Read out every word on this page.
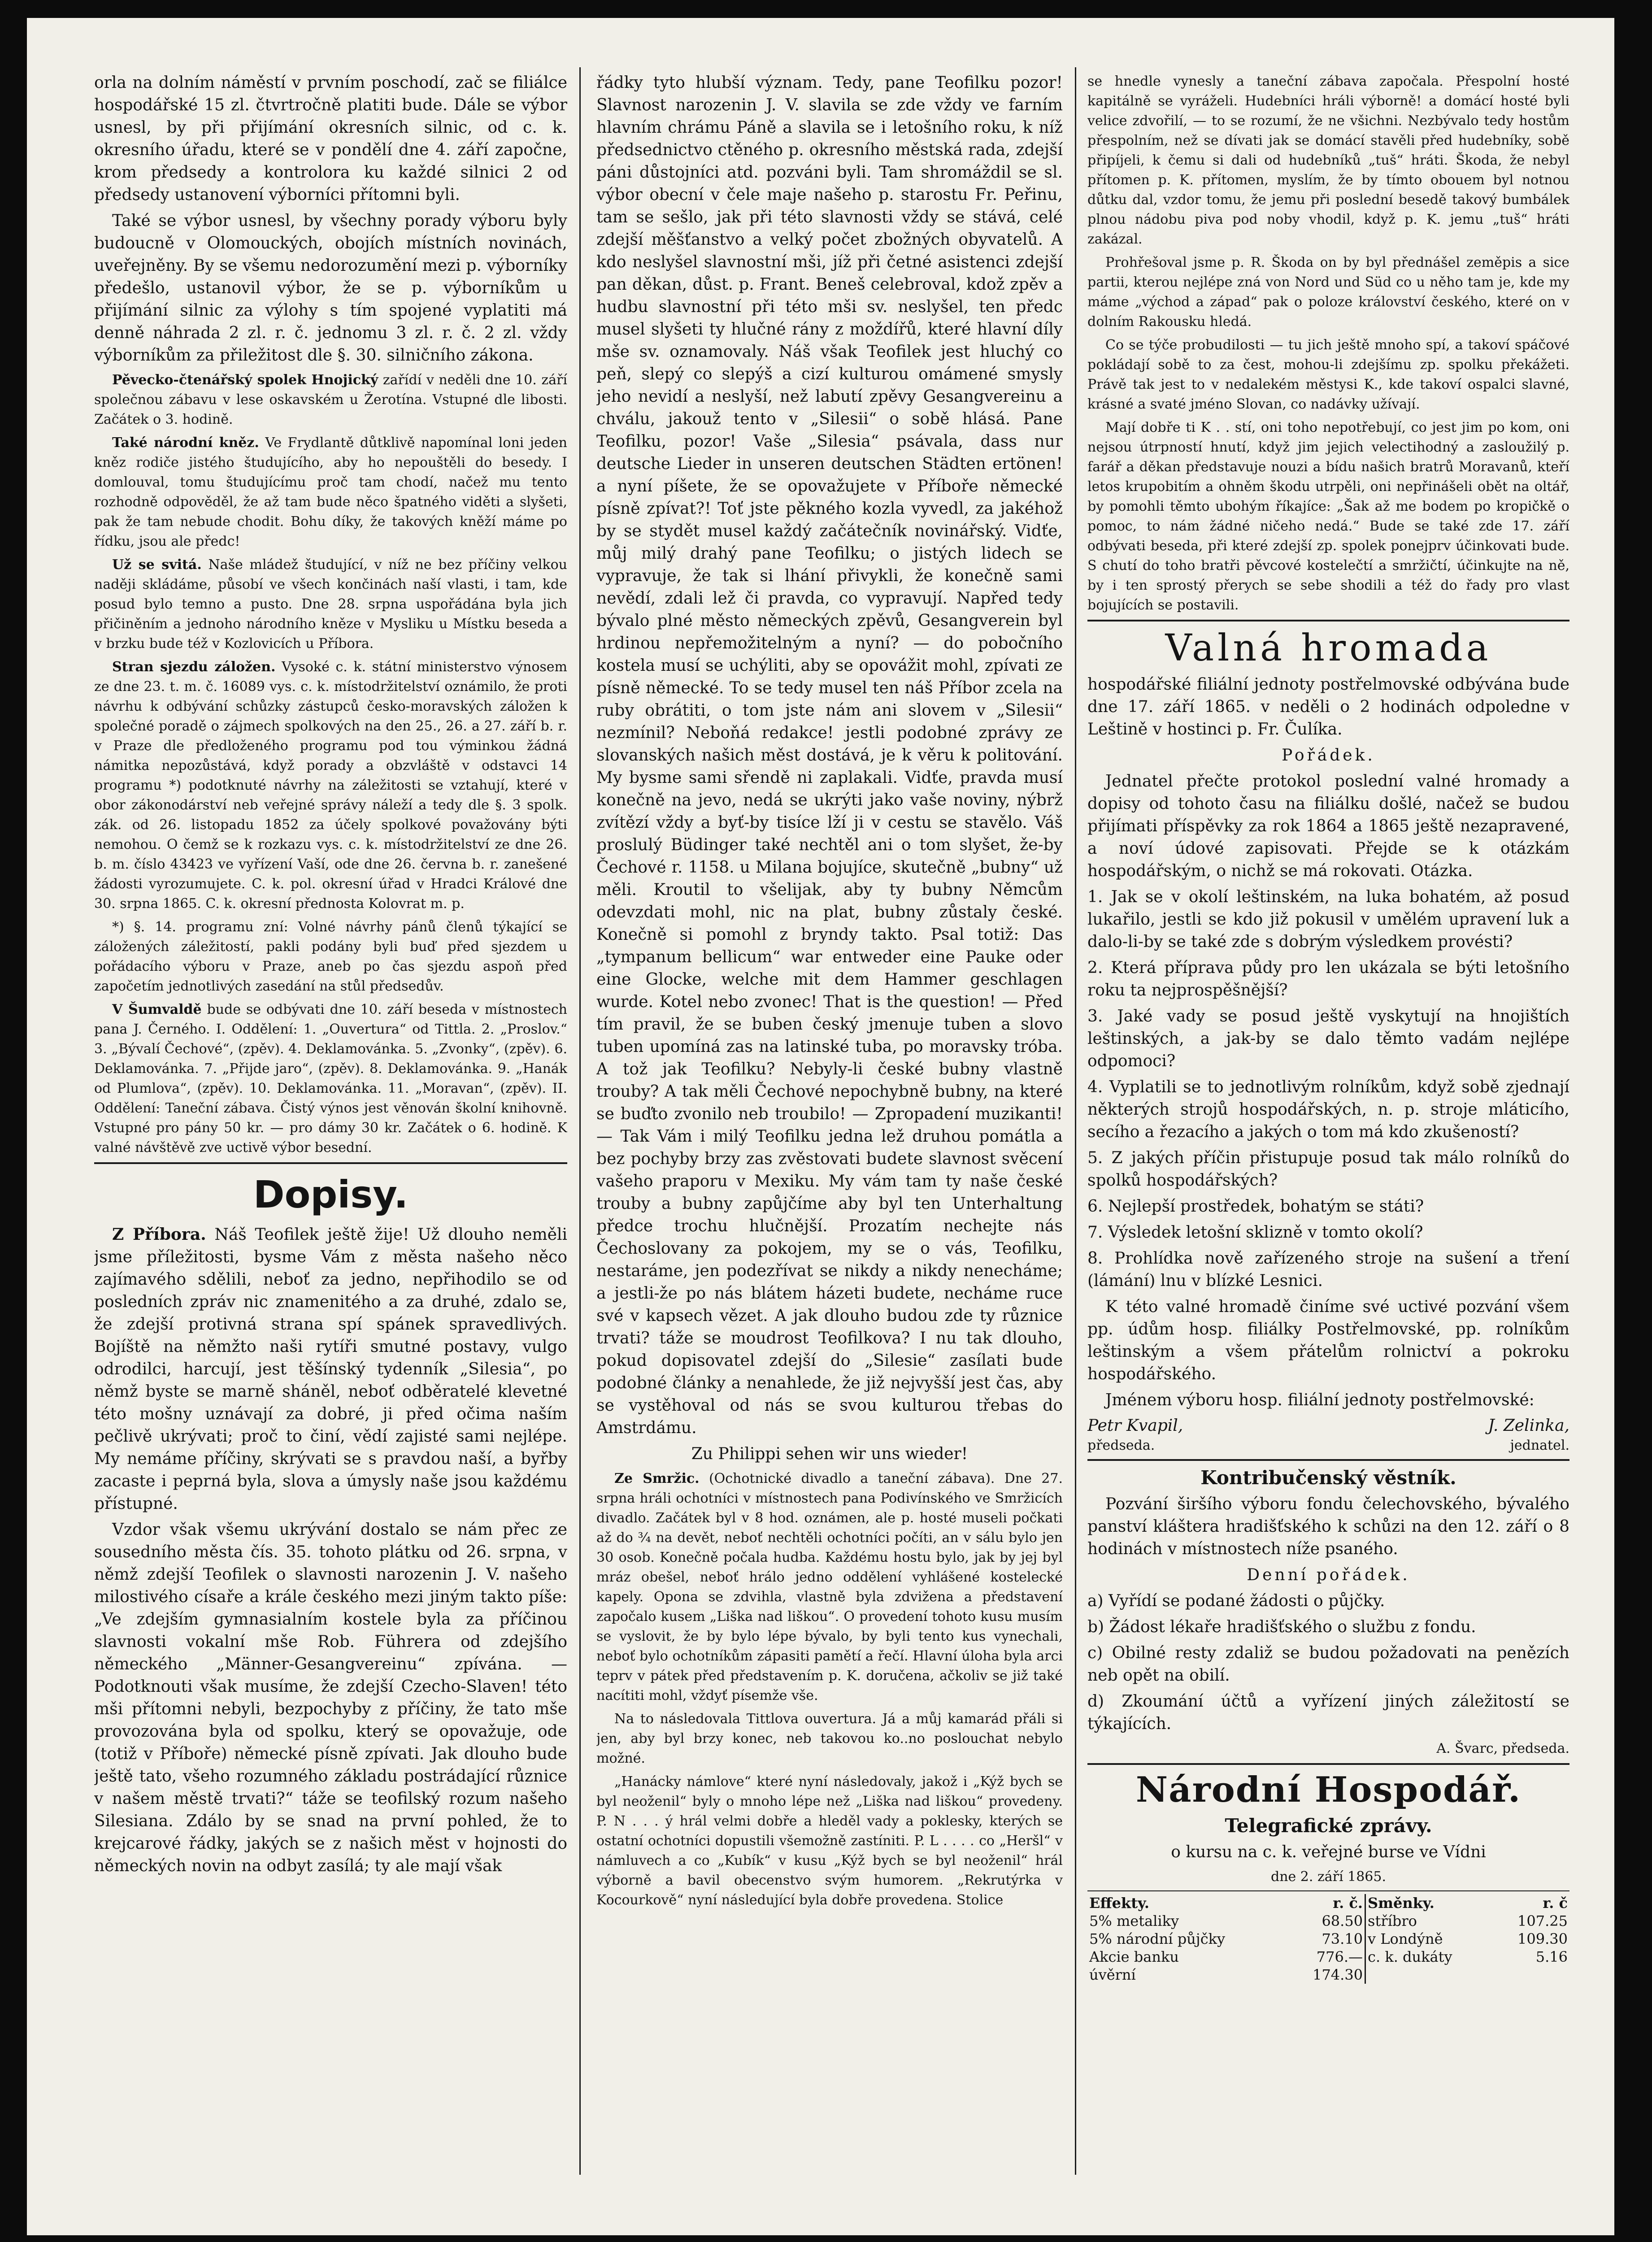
orla na dolním náměstí v prvním poschodí, zač se filiálce hospodářské 15 zl. čtvrtročně platiti bude. Dále se výbor usnesl, by při přijímání okresních silnic, od c. k. okresního úřadu, které se v pondělí dne 4. září započne, krom předsedy a kontrolora ku každé silnici 2 od předsedy ustanovení výborníci přítomni byli.

Také se výbor usnesl, by všechny porady výboru byly budoucně v Olomouckých, obojích místních novinách, uveřejněny. By se všemu nedorozumění mezi p. výborníky předešlo, ustanovil výbor, že se p. výborníkům u přijímání silnic za výlohy s tím spojené vyplatiti má denně náhrada 2 zl. r. č. jednomu 3 zl. r. č. 2 zl. vždy výborníkům za přiležitost dle §. 30. silničního zákona.

Pěvecko-čtenářský spolek Hnojický zařídí v neděli dne 10. září společnou zábavu v lese oskavském u Žerotína. Vstupné dle libosti. Začátek o 3. hodině.

Také národní kněz. Ve Frydlantě důtklivě napomínal loni jeden kněz rodiče jistého študujícího, aby ho nepouštěli do besedy. I domlouval, tomu študujícímu proč tam chodí, načež mu tento rozhodně odpověděl, že až tam bude něco špatného viděti a slyšeti, pak že tam nebude chodit. Bohu díky, že takových kněží máme po řídku, jsou ale předc!

Už se svitá. Naše mládež študující, v níž ne bez příčiny velkou naději skládáme, působí ve všech končinách naší vlasti, i tam, kde posud bylo temno a pusto. Dne 28. srpna uspořádána byla jich přičiněním a jednoho národního kněze v Mysliku u Místku beseda a v brzku bude též v Kozlovicích u Příbora.

Stran sjezdu záložen. Vysoké c. k. státní ministerstvo výnosem ze dne 23. t. m. č. 16089 vys. c. k. místodržitelství oznámilo, že proti návrhu k odbývání schůzky zástupců česko-moravských záložen k společné poradě o zájmech spolkových na den 25., 26. a 27. září b. r. v Praze dle předloženého programu pod tou výminkou žádná námitka nepozůstává, když porady a obzvláště v odstavci 14 programu *) podotknuté návrhy na záležitosti se vztahují, které v obor zákonodárství neb veřejné správy náleží a tedy dle §. 3 spolk. zák. od 26. listopadu 1852 za účely spolkové považovány býti nemohou. O čemž se k rozkazu vys. c. k. místodržitelství ze dne 26. b. m. číslo 43423 ve vyřízení Vaší, ode dne 26. června b. r. zanešené žádosti vyrozumujete. C. k. pol. okresní úřad v Hradci Králové dne 30. srpna 1865. C. k. okresní přednosta Kolovrat m. p.

*) §. 14. programu zní: Volné návrhy pánů členů týkající se záložených záležitostí, pakli podány byli buď před sjezdem u pořádacího výboru v Praze, aneb po čas sjezdu aspoň před započetím jednotlivých zasedání na stůl předsedův.

V Šumvaldě bude se odbývati dne 10. září beseda v místnostech pana J. Černého. I. Oddělení: 1. „Ouvertura“ od Tittla. 2. „Proslov.“ 3. „Bývalí Čechové“, (zpěv). 4. Deklamovánka. 5. „Zvonky“, (zpěv). 6. Deklamovánka. 7. „Přijde jaro“, (zpěv). 8. Deklamovánka. 9. „Hanák od Plumlova“, (zpěv). 10. Deklamovánka. 11. „Moravan“, (zpěv). II. Oddělení: Taneční zábava. Čistý výnos jest věnován školní knihovně. Vstupné pro pány 50 kr. — pro dámy 30 kr. Začátek o 6. hodině. K valné návštěvě zve uctivě výbor besední.

Dopisy.

Z Příbora. Náš Teofilek ještě žije! Už dlouho neměli jsme příležitosti, bysme Vám z města našeho něco zajímavého sdělili, neboť za jedno, nepřihodilo se od posledních zpráv nic znamenitého a za druhé, zdalo se, že zdejší protivná strana spí spánek spravedlivých. Bojíště na němžto naši rytíři smutné postavy, vulgo odrodilci, harcují, jest těšínský tydenník „Silesia“, po němž byste se marně sháněl, neboť odběratelé klevetné této mošny uznávají za dobré, ji před očima naším pečlivě ukrývati; proč to činí, vědí zajisté sami nejlépe. My nemáme příčiny, skrývati se s pravdou naší, a byřby zacaste i peprná byla, slova a úmysly naše jsou každému přístupné.

Vzdor však všemu ukrývání dostalo se nám přec ze sousedního města čís. 35. tohoto plátku od 26. srpna, v němž zdejší Teofilek o slavnosti narozenin J. V. našeho milostivého císaře a krále českého mezi jiným takto píše: „Ve zdejším gymnasialním kostele byla za příčinou slavnosti vokalní mše Rob. Führera od zdejšího německého „Männer-Gesangvereinu“ zpívána. — Podotknouti však musíme, že zdejší Czecho-Slaven! této mši přítomni nebyli, bezpochyby z příčiny, že tato mše provozována byla od spolku, který se opovažuje, ode (totiž v Příboře) německé písně zpívati. Jak dlouho bude ještě tato, všeho rozumného základu postrádající různice v našem městě trvati?“ táže se teofilský rozum našeho Silesiana. Zdálo by se snad na první pohled, že to krejcarové řádky, jakých se z našich měst v hojnosti do německých novin na odbyt zasílá; ty ale mají však

řádky tyto hlubší význam. Tedy, pane Teofilku pozor! Slavnost narozenin J. V. slavila se zde vždy ve farním hlavním chrámu Páně a slavila se i letošního roku, k níž předsednictvo ctěného p. okresního městská rada, zdejší páni důstojníci atd. pozváni byli. Tam shromáždil se sl. výbor obecní v čele maje našeho p. starostu Fr. Peřinu, tam se sešlo, jak při této slavnosti vždy se stává, celé zdejší měšťanstvo a velký počet zbožných obyvatelů. A kdo neslyšel slavnostní mši, jíž při četné asistenci zdejší pan děkan, důst. p. Frant. Beneš celebroval, kdož zpěv a hudbu slavnostní při této mši sv. neslyšel, ten předc musel slyšeti ty hlučné rány z moždířů, které hlavní díly mše sv. oznamovaly. Náš však Teofilek jest hluchý co peň, slepý co slepýš a cizí kulturou omámené smysly jeho nevidí a neslyší, než labutí zpěvy Gesangvereinu a chválu, jakouž tento v „Silesii“ o sobě hlásá. Pane Teofilku, pozor! Vaše „Silesia“ psávala, dass nur deutsche Lieder in unseren deutschen Städten ertönen! a nyní píšete, že se opovažujete v Příboře německé písně zpívat?! Toť jste pěkného kozla vyvedl, za jakéhož by se stydět musel každý začátečník novinářský. Vidťe, můj milý drahý pane Teofilku; o jistých lidech se vypravuje, že tak si lhání přivykli, že konečně sami nevědí, zdali lež či pravda, co vypravují. Napřed tedy bývalo plné město německých zpěvů, Gesangverein byl hrdinou nepřemožitelným a nyní? — do pobočního kostela musí se uchýliti, aby se opovážit mohl, zpívati ze písně německé. To se tedy musel ten náš Příbor zcela na ruby obrátiti, o tom jste nám ani slovem v „Silesii“ nezmínil? Neboňá redakce! jestli podobné zprávy ze slovanských našich měst dostává, je k věru k politování. My bysme sami sřendě ni zaplakali. Vidťe, pravda musí konečně na jevo, nedá se ukrýti jako vaše noviny, nýbrž zvítězí vždy a byť-by tisíce lží ji v cestu se stavělo. Váš proslulý Büdinger také nechtěl ani o tom slyšet, že-by Čechové r. 1158. u Milana bojujíce, skutečně „bubny“ už měli. Kroutil to všelijak, aby ty bubny Němcům odevzdati mohl, nic na plat, bubny zůstaly české. Konečně si pomohl z bryndy takto. Psal totiž: Das „tympanum bellicum“ war entweder eine Pauke oder eine Glocke, welche mit dem Hammer geschlagen wurde. Kotel nebo zvonec! That is the question! — Před tím pravil, že se buben český jmenuje tuben a slovo tuben upomíná zas na latinské tuba, po moravsky tróba. A tož jak Teofilku? Nebyly-li české bubny vlastně trouby? A tak měli Čechové nepochybně bubny, na které se buďto zvonilo neb troubilo! — Zpropadení muzikanti! — Tak Vám i milý Teofilku jedna lež druhou pomátla a bez pochyby brzy zas zvěstovati budete slavnost svěcení vašeho praporu v Mexiku. My vám tam ty naše české trouby a bubny zapůjčíme aby byl ten Unterhaltung předce trochu hlučnější. Prozatím nechejte nás Čechoslovany za pokojem, my se o vás, Teofilku, nestaráme, jen podezřívat se nikdy a nikdy nenecháme; a jestli-že po nás blátem házeti budete, necháme ruce své v kapsech vězet. A jak dlouho budou zde ty různice trvati? táže se moudrost Teofilkova? I nu tak dlouho, pokud dopisovatel zdejší do „Silesie“ zasílati bude podobné články a nenahlede, že již nejvyšší jest čas, aby se vystěhoval od nás se svou kulturou třebas do Amstrdámu.

Zu Philippi sehen wir uns wieder!

Ze Smržic. (Ochotnické divadlo a taneční zábava). Dne 27. srpna hráli ochotníci v místnostech pana Podivínského ve Smržicích divadlo. Začátek byl v 8 hod. oznámen, ale p. hosté museli počkati až do ¾ na devět, neboť nechtěli ochotníci počíti, an v sálu bylo jen 30 osob. Konečně počala hudba. Každému hostu bylo, jak by jej byl mráz obešel, neboť hrálo jedno oddělení vyhlášené kostelecké kapely. Opona se zdvihla, vlastně byla zdvižena a představení započalo kusem „Liška nad liškou“. O provedení tohoto kusu musím se vyslovit, že by bylo lépe bývalo, by byli tento kus vynechali, neboť bylo ochotníkům zápasiti pamětí a řečí. Hlavní úloha byla arci teprv v pátek před představením p. K. doručena, ačkoliv se již také nacítiti mohl, vždyť písemže vše.

Na to následovala Tittlova ouvertura. Já a můj kamarád přáli si jen, aby byl brzy konec, neb takovou ko..no poslouchat nebylo možné.

„Hanácky námlove“ které nyní následovaly, jakož i „Kýž bych se byl neoženil“ byly o mnoho lépe než „Liška nad liškou“ provedeny. P. N . . . ý hrál velmi dobře a hleděl vady a poklesky, kterých se ostatní ochotníci dopustili všemožně zastíniti. P. L . . . . co „Heršl“ v námluvech a co „Kubík“ v kusu „Kýž bych se byl neoženil“ hrál výborně a bavil obecenstvo svým humorem. „Rekrutýrka v Kocourkově“ nyní následující byla dobře provedena. Stolice

se hnedle vynesly a taneční zábava započala. Přespolní hosté kapitálně se vyráželi. Hudebníci hráli výborně! a domácí hosté byli velice zdvořilí, — to se rozumí, že ne všichni. Nezbývalo tedy hostům přespolním, než se dívati jak se domácí stavěli před hudebníky, sobě připíjeli, k čemu si dali od hudebníků „tuš“ hráti. Škoda, že nebyl přítomen p. K. přítomen, myslím, že by tímto obouem byl notnou důtku dal, vzdor tomu, že jemu při poslední besedě takový bumbálek plnou nádobu piva pod noby vhodil, když p. K. jemu „tuš“ hráti zakázal.

Prohřešoval jsme p. R. Škoda on by byl přednášel zeměpis a sice partii, kterou nejlépe zná von Nord und Süd co u něho tam je, kde my máme „východ a západ“ pak o poloze království českého, které on v dolním Rakousku hledá.

Co se týče probudilosti — tu jich ještě mnoho spí, a takoví spáčové pokládají sobě to za čest, mohou-li zdejšímu zp. spolku překážeti. Právě tak jest to v nedalekém městysi K., kde takoví ospalci slavné, krásné a svaté jméno Slovan, co nadávky užívají.

Mají dobře ti K . . stí, oni toho nepotřebují, co jest jim po kom, oni nejsou útrpností hnutí, když jim jejich velectihodný a zasloužilý p. farář a děkan představuje nouzi a bídu našich bratrů Moravanů, kteří letos krupobitím a ohněm škodu utrpěli, oni nepřinášeli obět na oltář, by pomohli těmto ubohým říkajíce: „Šak až me bodem po kropičkě o pomoc, to nám žádné ničeho nedá.“ Bude se také zde 17. září odbývati beseda, při které zdejší zp. spolek ponejprv účinkovati bude. S chutí do toho bratři pěvcové kostelečtí a smržičtí, účinkujte na ně, by i ten sprostý přerych se sebe shodili a též do řady pro vlast bojujících se postavili.

Valná hromada

hospodářské filiální jednoty postřelmovské odbývána bude dne 17. září 1865. v neděli o 2 hodinách odpoledne v Leštině v hostinci p. Fr. Čulíka.

Pořádek.

Jednatel přečte protokol poslední valné hromady a dopisy od tohoto času na filiálku došlé, načež se budou přijímati příspěvky za rok 1864 a 1865 ještě nezapravené, a noví údové zapisovati. Přejde se k otázkám hospodářským, o nichž se má rokovati. Otázka.

1. Jak se v okolí leštinském, na luka bohatém, až posud lukařilo, jestli se kdo již pokusil v umělém upravení luk a dalo-li-by se také zde s dobrým výsledkem provésti?

2. Která příprava půdy pro len ukázala se býti letošního roku ta nejprospěšnější?

3. Jaké vady se posud ještě vyskytují na hnojištích leštinských, a jak-by se dalo těmto vadám nejlépe odpomoci?

4. Vyplatili se to jednotlivým rolníkům, když sobě zjednají některých strojů hospodářských, n. p. stroje mláticího, secího a řezacího a jakých o tom má kdo zkušeností?

5. Z jakých příčin přistupuje posud tak málo rolníků do spolků hospodářských?

6. Nejlepší prostředek, bohatým se státi?

7. Výsledek letošní sklizně v tomto okolí?

8. Prohlídka nově zařízeného stroje na sušení a tření (lámání) lnu v blízké Lesnici.

K této valné hromadě činíme své uctivé pozvání všem pp. údům hosp. filiálky Postřelmovské, pp. rolníkům leštinským a všem přátelům rolnictví a pokroku hospodářského.

Jménem výboru hosp. filiální jednoty postřelmovské:

Petr Kvapil,	J. Zelinka,
předseda.	jednatel.
Kontribučenský věstník.

Pozvání širšího výboru fondu čelechovského, bývalého panství kláštera hradišťského k schůzi na den 12. září o 8 hodinách v místnostech níže psaného.

Denní pořádek.

a) Vyřídí se podané žádosti o půjčky.

b) Žádost lékaře hradišťského o službu z fondu.

c) Obilné resty zdaliž se budou požadovati na penězích neb opět na obilí.

d) Zkoumání účtů a vyřízení jiných záležitostí se týkajících.

A. Švarc, předseda.

Národní Hospodář.
Telegrafické zprávy.

o kursu na c. k. veřejné burse ve Vídni

dne 2. září 1865.

Effekty.	r. č.	Směnky.	r. č
5% metaliky	68.50	stříbro	107.25
5% národní půjčky	73.10	v Londýně	109.30
Akcie banku	776.—	c. k. dukáty	5.16
úvěrní	174.30		
